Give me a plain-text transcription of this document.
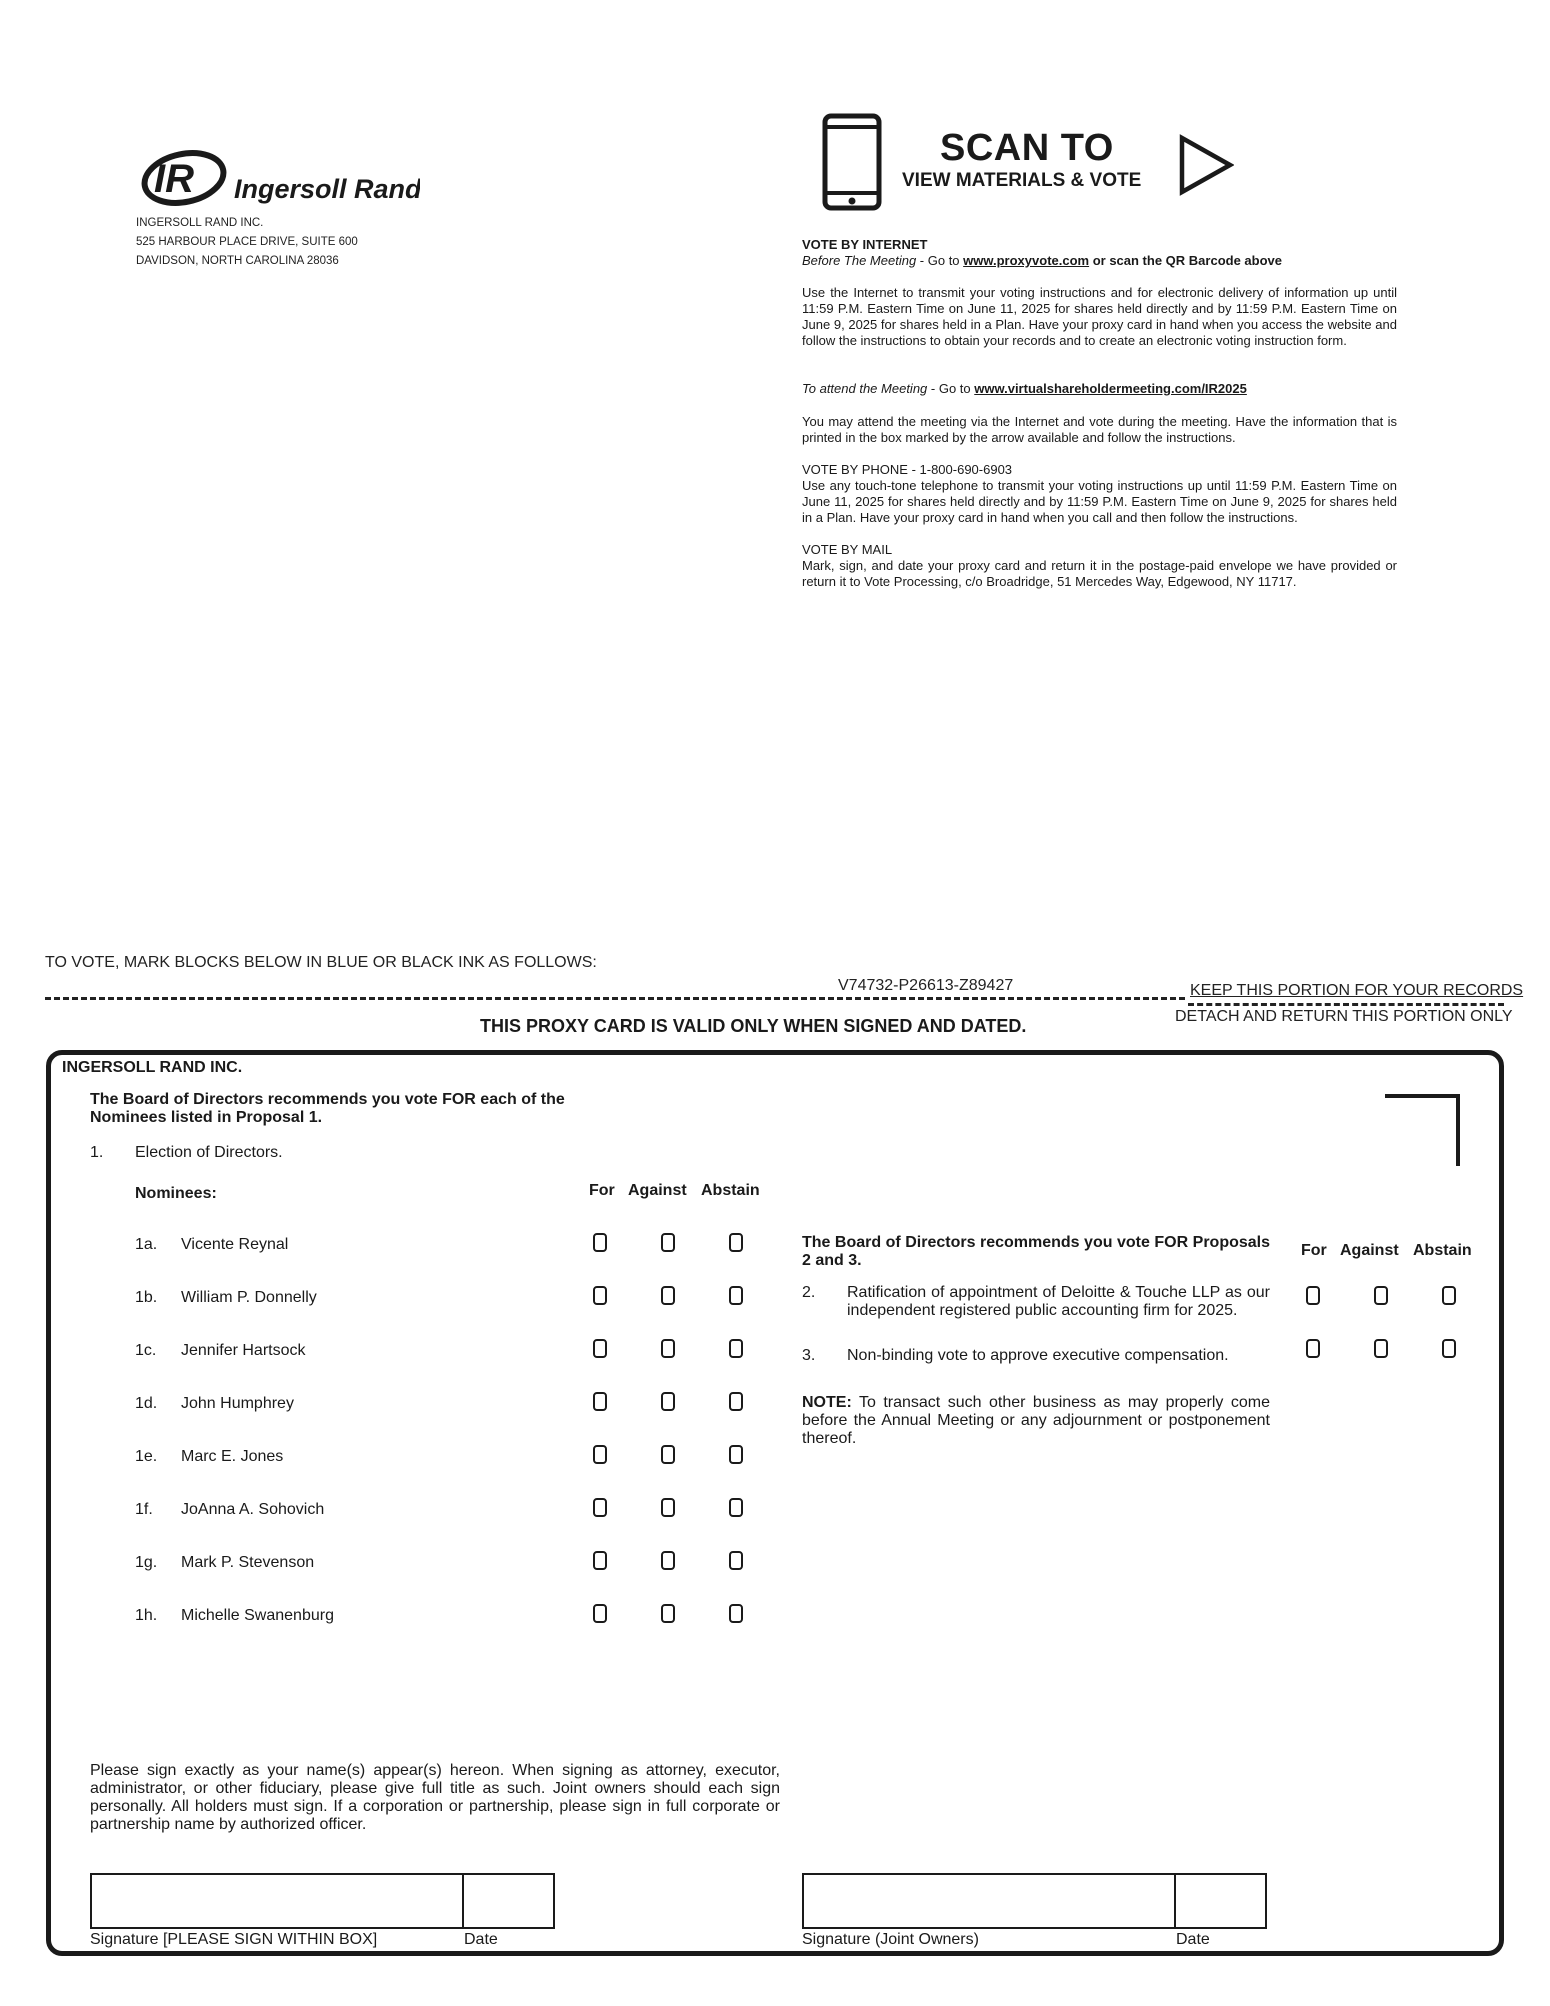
IR Ingersoll Rand
INGERSOLL RAND INC.
525 HARBOUR PLACE DRIVE, SUITE 600
DAVIDSON, NORTH CAROLINA 28036
SCAN TO
VIEW MATERIALS & VOTE
VOTE BY INTERNET
Before The Meeting - Go to www.proxyvote.com or scan the QR Barcode above
Use the Internet to transmit your voting instructions and for electronic delivery of information up until 11:59 P.M. Eastern Time on June 11, 2025 for shares held directly and by 11:59 P.M. Eastern Time on June 9, 2025 for shares held in a Plan. Have your proxy card in hand when you access the website and follow the instructions to obtain your records and to create an electronic voting instruction form.
To attend the Meeting - Go to www.virtualshareholdermeeting.com/IR2025
You may attend the meeting via the Internet and vote during the meeting. Have the information that is printed in the box marked by the arrow available and follow the instructions.
VOTE BY PHONE - 1-800-690-6903
Use any touch-tone telephone to transmit your voting instructions up until 11:59 P.M. Eastern Time on June 11, 2025 for shares held directly and by 11:59 P.M. Eastern Time on June 9, 2025 for shares held in a Plan. Have your proxy card in hand when you call and then follow the instructions.
VOTE BY MAIL
Mark, sign, and date your proxy card and return it in the postage-paid envelope we have provided or return it to Vote Processing, c/o Broadridge, 51 Mercedes Way, Edgewood, NY 11717.
TO VOTE, MARK BLOCKS BELOW IN BLUE OR BLACK INK AS FOLLOWS:
V74732-P26613-Z89427	KEEP THIS PORTION FOR YOUR RECORDS
DETACH AND RETURN THIS PORTION ONLY
THIS PROXY CARD IS VALID ONLY WHEN SIGNED AND DATED.
INGERSOLL RAND INC.
The Board of Directors recommends you vote FOR each of the Nominees listed in Proposal 1.
1. Election of Directors.
Nominees:	For Against Abstain
1a. Vicente Reynal
1b. William P. Donnelly
1c. Jennifer Hartsock
1d. John Humphrey
1e. Marc E. Jones
1f. JoAnna A. Sohovich
1g. Mark P. Stevenson
1h. Michelle Swanenburg
The Board of Directors recommends you vote FOR Proposals 2 and 3.
For Against Abstain
2. Ratification of appointment of Deloitte & Touche LLP as our independent registered public accounting firm for 2025.
3. Non-binding vote to approve executive compensation.
NOTE: To transact such other business as may properly come before the Annual Meeting or any adjournment or postponement thereof.
Please sign exactly as your name(s) appear(s) hereon. When signing as attorney, executor, administrator, or other fiduciary, please give full title as such. Joint owners should each sign personally. All holders must sign. If a corporation or partnership, please sign in full corporate or partnership name by authorized officer.
Signature [PLEASE SIGN WITHIN BOX]	Date	Signature (Joint Owners)	Date
